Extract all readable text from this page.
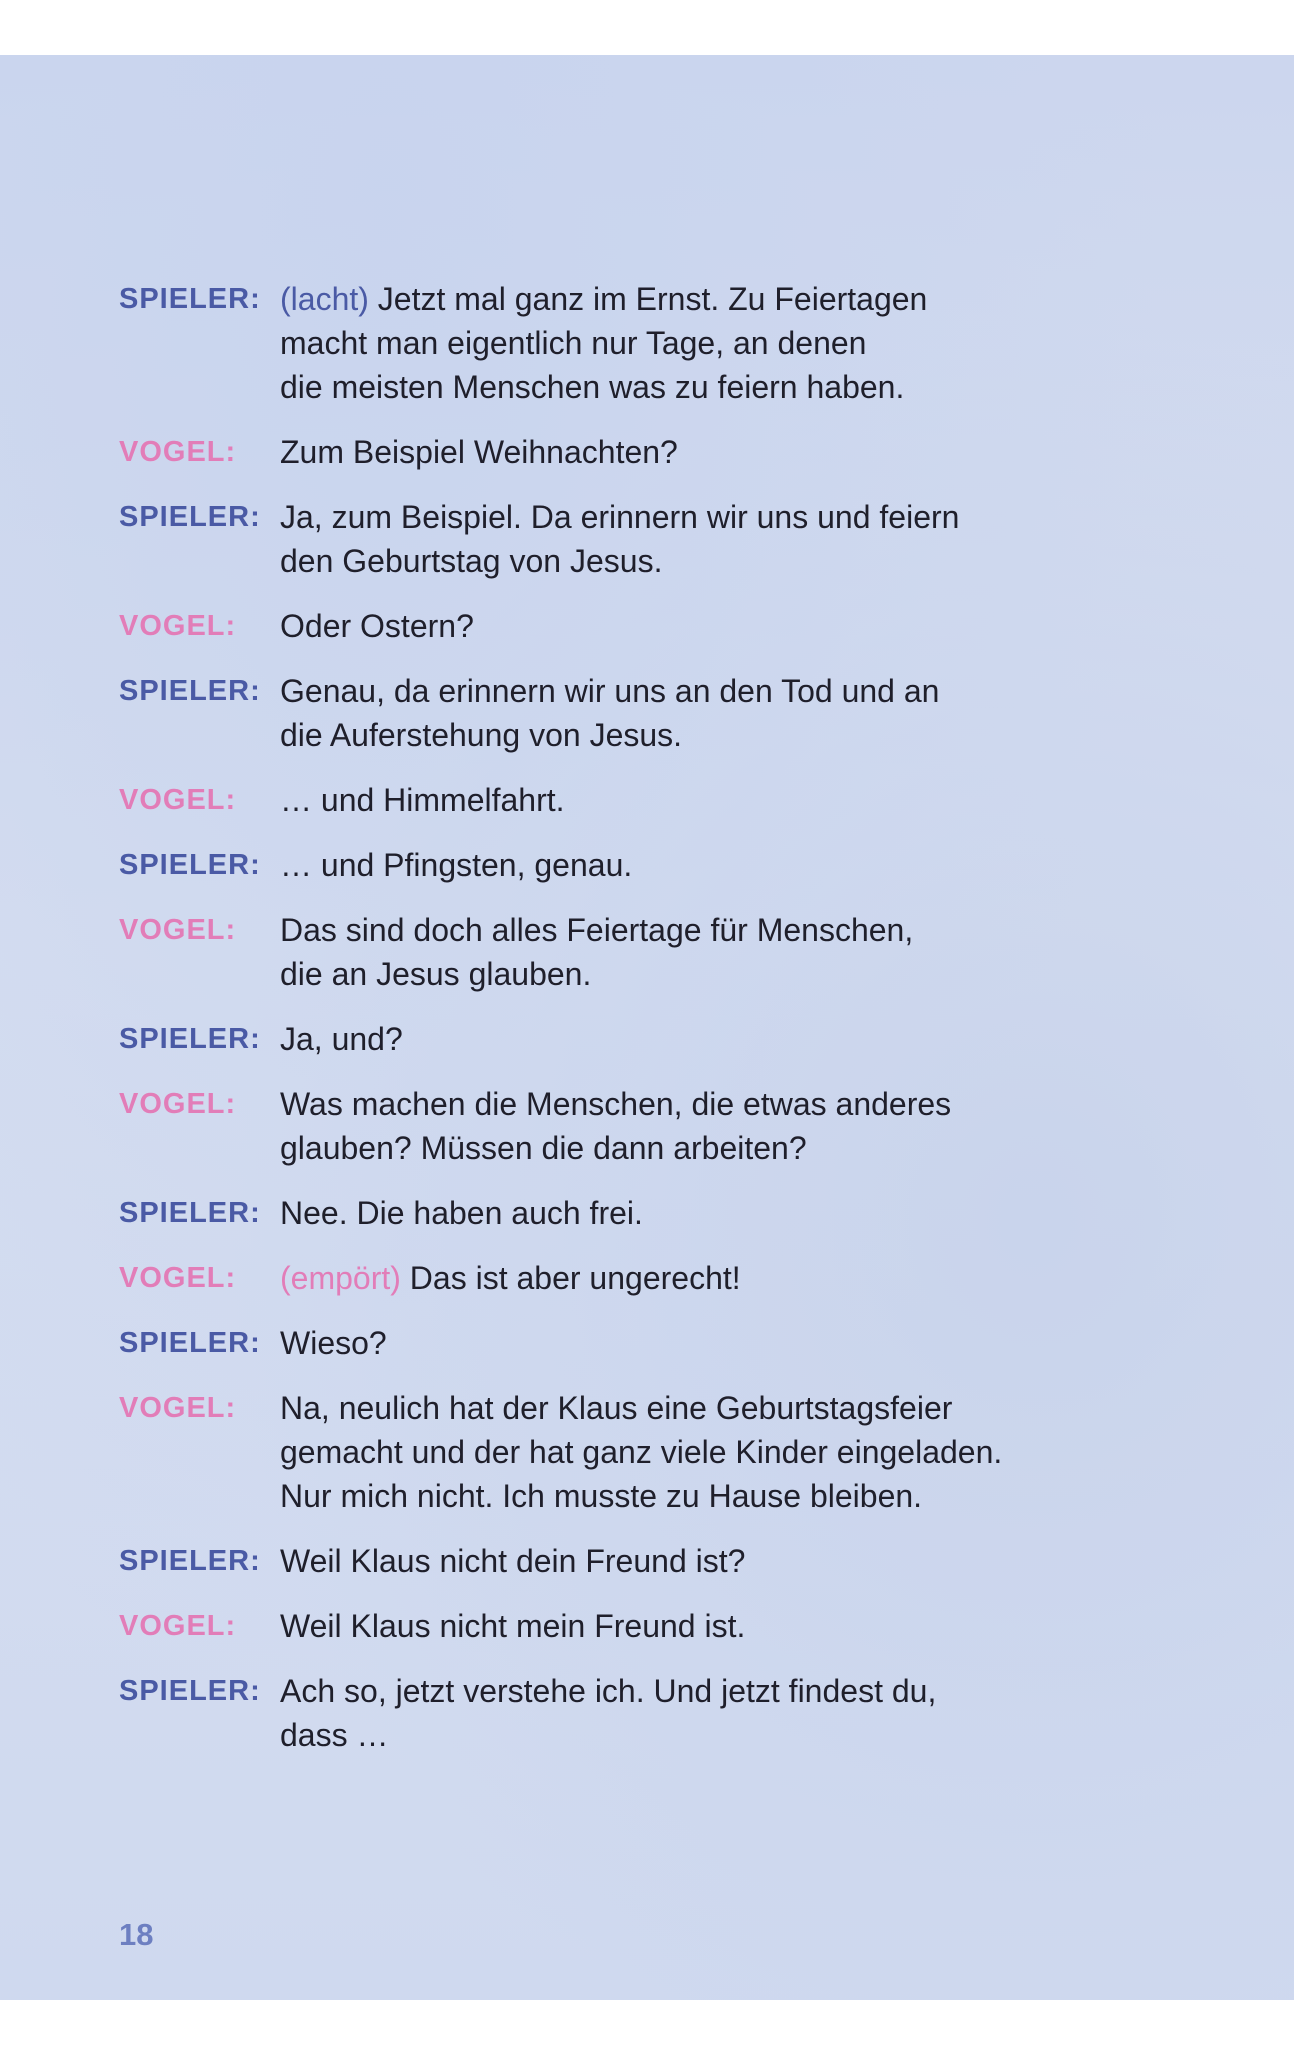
SPIELER: (lacht) Jetzt mal ganz im Ernst. Zu Feiertagen
macht man eigentlich nur Tage, an denen
die meisten Menschen was zu feiern haben.
VOGEL:	Zum Beispiel Weihnachten?
SPIELER: Ja, zum Beispiel. Da erinnern wir uns und feiern
den Geburtstag von Jesus.
VOGEL:	Oder Ostern?
SPIELER: Genau, da erinnern wir uns an den Tod und an
die Auferstehung von Jesus.
VOGEL:	… und Himmelfahrt.
SPIELER: … und Pfingsten, genau.
VOGEL:	Das sind doch alles Feiertage für Menschen,
die an Jesus glauben.
SPIELER: Ja, und?
VOGEL:	Was machen die Menschen, die etwas anderes
glauben? Müssen die dann arbeiten?
SPIELER: Nee. Die haben auch frei.
VOGEL:	(empört) Das ist aber ungerecht!
SPIELER: Wieso?
VOGEL:	Na, neulich hat der Klaus eine Geburtstagsfeier
gemacht und der hat ganz viele Kinder eingeladen.
Nur mich nicht. Ich musste zu Hause bleiben.
SPIELER: Weil Klaus nicht dein Freund ist?
VOGEL:	Weil Klaus nicht mein Freund ist.
SPIELER: Ach so, jetzt verstehe ich. Und jetzt findest du,
dass …
18
